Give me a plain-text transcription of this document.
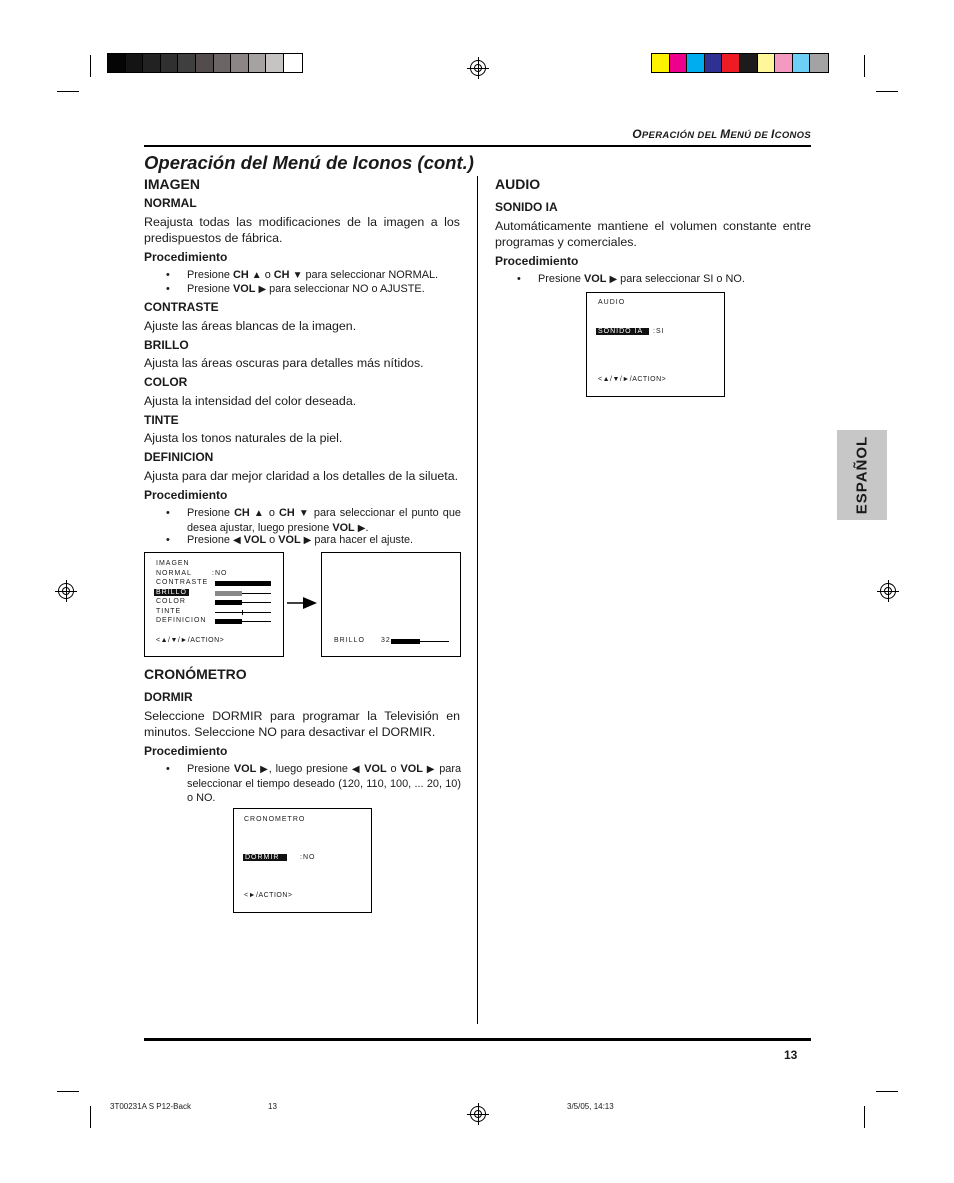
OPERACIÓN DEL MENÚ DE ICONOS
Operación del Menú de Iconos (cont.)
IMAGEN
NORMAL
Reajusta todas las modificaciones de la imagen a los predispuestos de fábrica.
Procedimiento
• Presione CH ▲ o CH ▼ para seleccionar NORMAL.
• Presione VOL ▶ para seleccionar NO o AJUSTE.
CONTRASTE
Ajuste las áreas blancas de la imagen.
BRILLO
Ajusta las áreas oscuras para detalles más nítidos.
COLOR
Ajusta la intensidad del color deseada.
TINTE
Ajusta los tonos naturales de la piel.
DEFINICION
Ajusta para dar mejor claridad a los detalles de la silueta.
Procedimiento
• Presione CH ▲ o CH ▼ para seleccionar el punto que desea ajustar, luego presione VOL ▶.
• Presione ◀ VOL o VOL ▶ para hacer el ajuste.
IMAGEN
NORMAL	:NO
CONTRASTE
BRILLO
COLOR
TINTE
DEFINICION
<▲/▼/►/ACTION>	BRILLO 32
CRONÓMETRO
DORMIR
Seleccione DORMIR para programar la Televisión en minutos. Seleccione NO para desactivar el DORMIR.
Procedimiento
• Presione VOL ▶, luego presione ◀ VOL o VOL ▶ para seleccionar el tiempo deseado (120, 110, 100, ... 20, 10) o NO.
CRONOMETRO
DORMIR	:NO
<►/ACTION>
AUDIO
SONIDO IA
Automáticamente mantiene el volumen constante entre programas y comerciales.
Procedimiento
• Presione VOL ▶ para seleccionar SI o NO.
AUDIO
SONIDO IA	:SI
<▲/▼/►/ACTION>
ESPAÑOL
13
3T00231A S P12-Back	13	3/5/05, 14:13
